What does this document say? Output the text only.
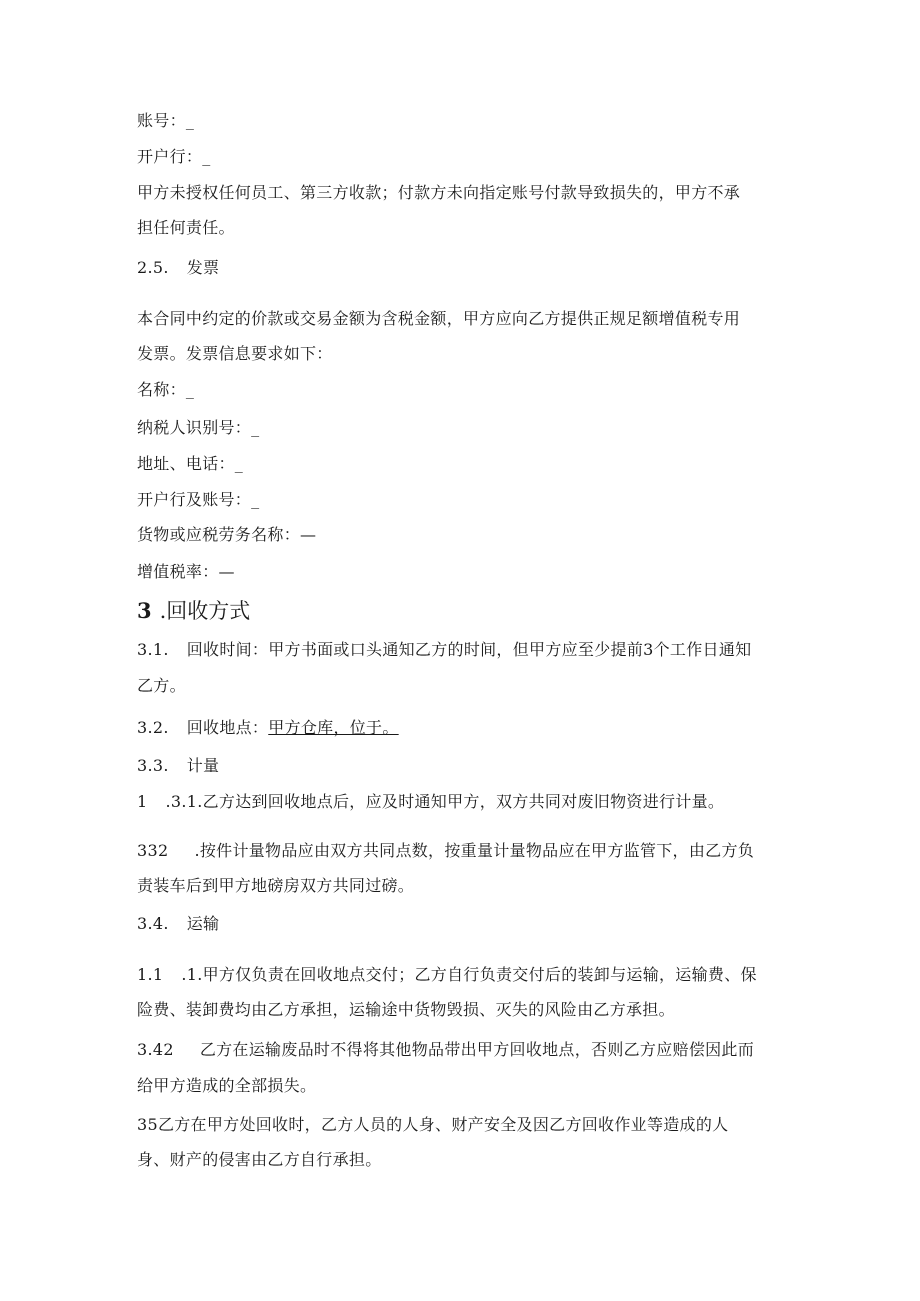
账号：_
开户行：_
甲方未授权任何员工、第三方收款；付款方未向指定账号付款导致损失的，甲方不承
担任何责任。
2.5. 发票
本合同中约定的价款或交易金额为含税金额，甲方应向乙方提供正规足额增值税专用
发票。发票信息要求如下：
名称：_
纳税人识别号：_
地址、电话：_
开户行及账号：_
货物或应税劳务名称：—
增值税率：—
3 .回收方式
3.1. 回收时间：甲方书面或口头通知乙方的时间，但甲方应至少提前3个工作日通知
乙方。
3.2. 回收地点：甲方仓库，位于。
3.3. 计量
1 .3.1.乙方达到回收地点后，应及时通知甲方，双方共同对废旧物资进行计量。
332 .按件计量物品应由双方共同点数，按重量计量物品应在甲方监管下，由乙方负
责装车后到甲方地磅房双方共同过磅。
3.4. 运输
1.1 .1.甲方仅负责在回收地点交付；乙方自行负责交付后的装卸与运输，运输费、保
险费、装卸费均由乙方承担，运输途中货物毁损、灭失的风险由乙方承担。
3.42 乙方在运输废品时不得将其他物品带出甲方回收地点，否则乙方应赔偿因此而
给甲方造成的全部损失。
35乙方在甲方处回收时，乙方人员的人身、财产安全及因乙方回收作业等造成的人
身、财产的侵害由乙方自行承担。
